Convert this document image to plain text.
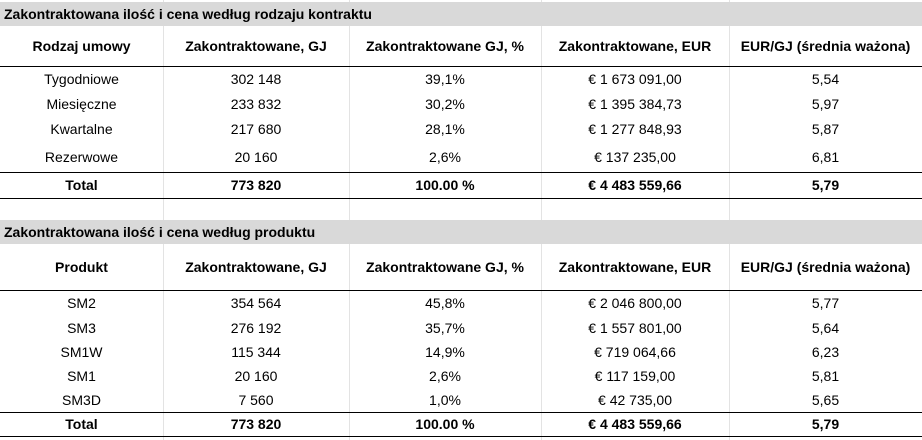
Zakontraktowana ilość i cena według rodzaju kontraktu
Rodzaj umowy	Zakontraktowane, GJ	Zakontraktowane GJ, %	Zakontraktowane, EUR	EUR/GJ (średnia ważona)
Tygodniowe	302 148	39,1%	€ 1 673 091,00	5,54
Miesięczne	233 832	30,2%	€ 1 395 384,73	5,97
Kwartalne	217 680	28,1%	€ 1 277 848,93	5,87
Rezerwowe	20 160	2,6%	€ 137 235,00	6,81
Total	773 820	100.00 %	€ 4 483 559,66	5,79
Zakontraktowana ilość i cena według produktu
Produkt	Zakontraktowane, GJ	Zakontraktowane GJ, %	Zakontraktowane, EUR	EUR/GJ (średnia ważona)
SM2	354 564	45,8%	€ 2 046 800,00	5,77
SM3	276 192	35,7%	€ 1 557 801,00	5,64
SM1W	115 344	14,9%	€ 719 064,66	6,23
SM1	20 160	2,6%	€ 117 159,00	5,81
SM3D	7 560	1,0%	€ 42 735,00	5,65
Total	773 820	100.00 %	€ 4 483 559,66	5,79
